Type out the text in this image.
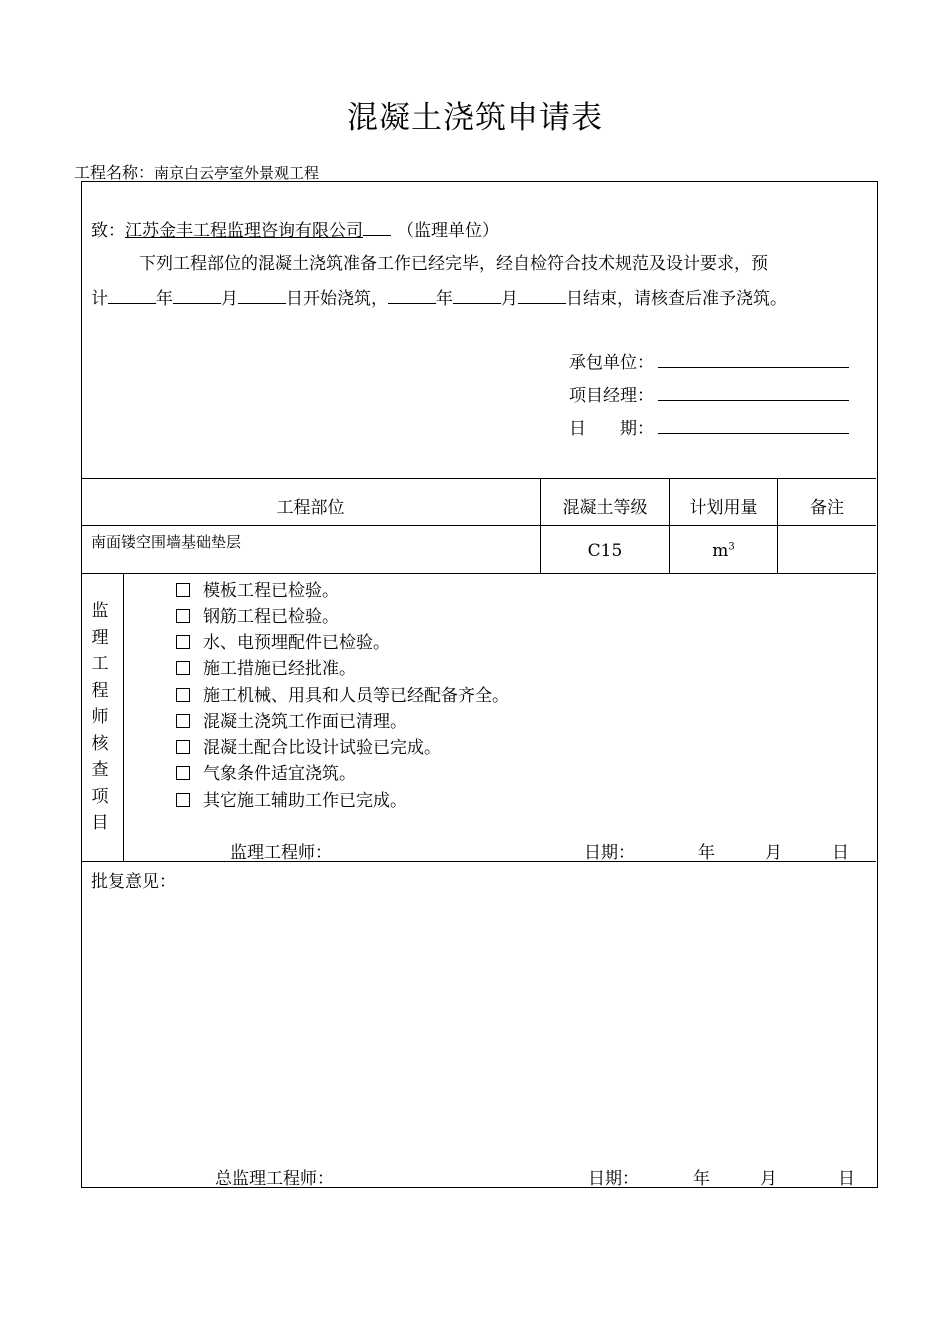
混凝土浇筑申请表
工程名称：南京白云亭室外景观工程
致：江苏金丰工程监理咨询有限公司 （监理单位）
下列工程部位的混凝土浇筑准备工作已经完毕，经自检符合技术规范及设计要求，预
计	年	月	日开始浇筑，	年	月	日结束，请核查后准予浇筑。
承包单位：
项目经理：
日　　期：
工程部位	混凝土等级	计划用量	备注
南面镂空围墙基础垫层	C15	$m^3$
监
理
工
程
师
核
查
项
目
模板工程已检验。
钢筋工程已检验。
水、电预埋配件已检验。
施工措施已经批准。
施工机械、用具和人员等已经配备齐全。
混凝土浇筑工作面已清理。
混凝土配合比设计试验已完成。
气象条件适宜浇筑。
其它施工辅助工作已完成。
监理工程师：	日期：	年	月	日
批复意见：
总监理工程师：	日期：	年	月	日
